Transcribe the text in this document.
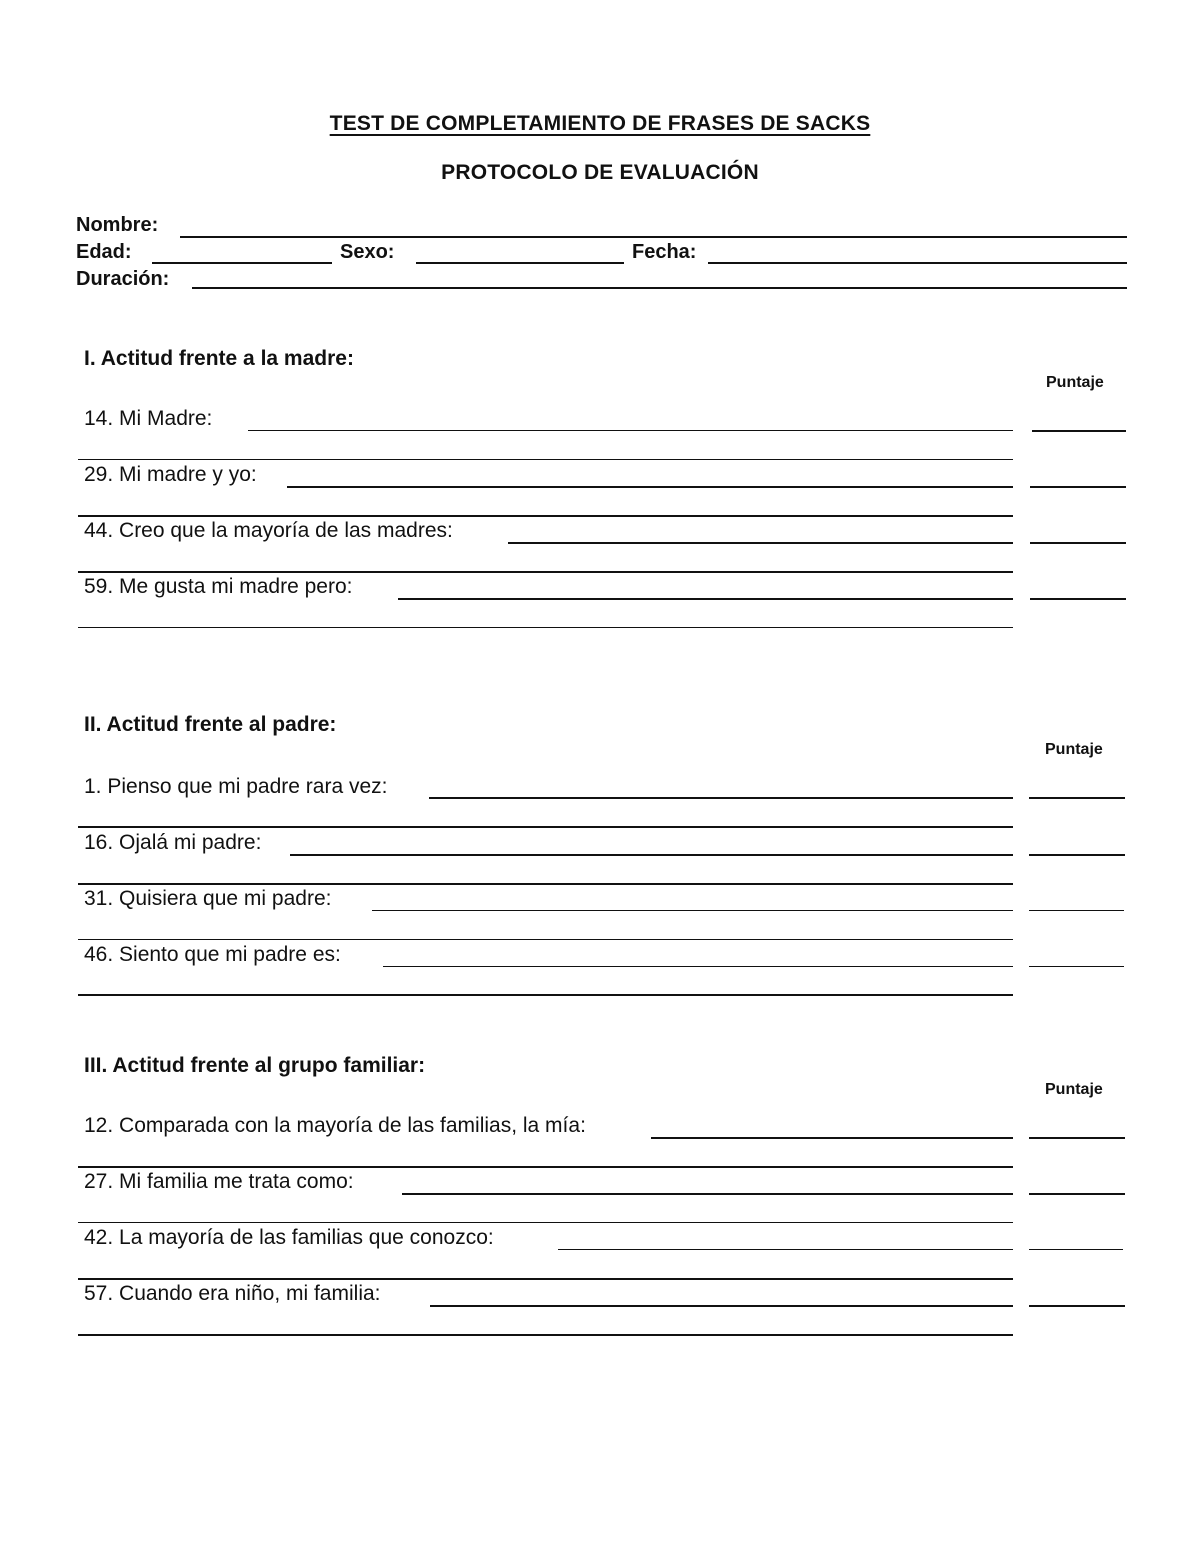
TEST DE COMPLETAMIENTO DE FRASES DE SACKS
PROTOCOLO DE EVALUACIÓN
Nombre:
Edad:	Sexo:	Fecha:
Duración:
I. Actitud frente a la madre:
Puntaje
14. Mi Madre:
29. Mi madre y yo:
44. Creo que la mayoría de las madres:
59. Me gusta mi madre pero:
II. Actitud frente al padre:
Puntaje
1. Pienso que mi padre rara vez:
16. Ojalá mi padre:
31. Quisiera que mi padre:
46. Siento que mi padre es:
III. Actitud frente al grupo familiar:
Puntaje
12. Comparada con la mayoría de las familias, la mía:
27. Mi familia me trata como:
42. La mayoría de las familias que conozco:
57. Cuando era niño, mi familia:
